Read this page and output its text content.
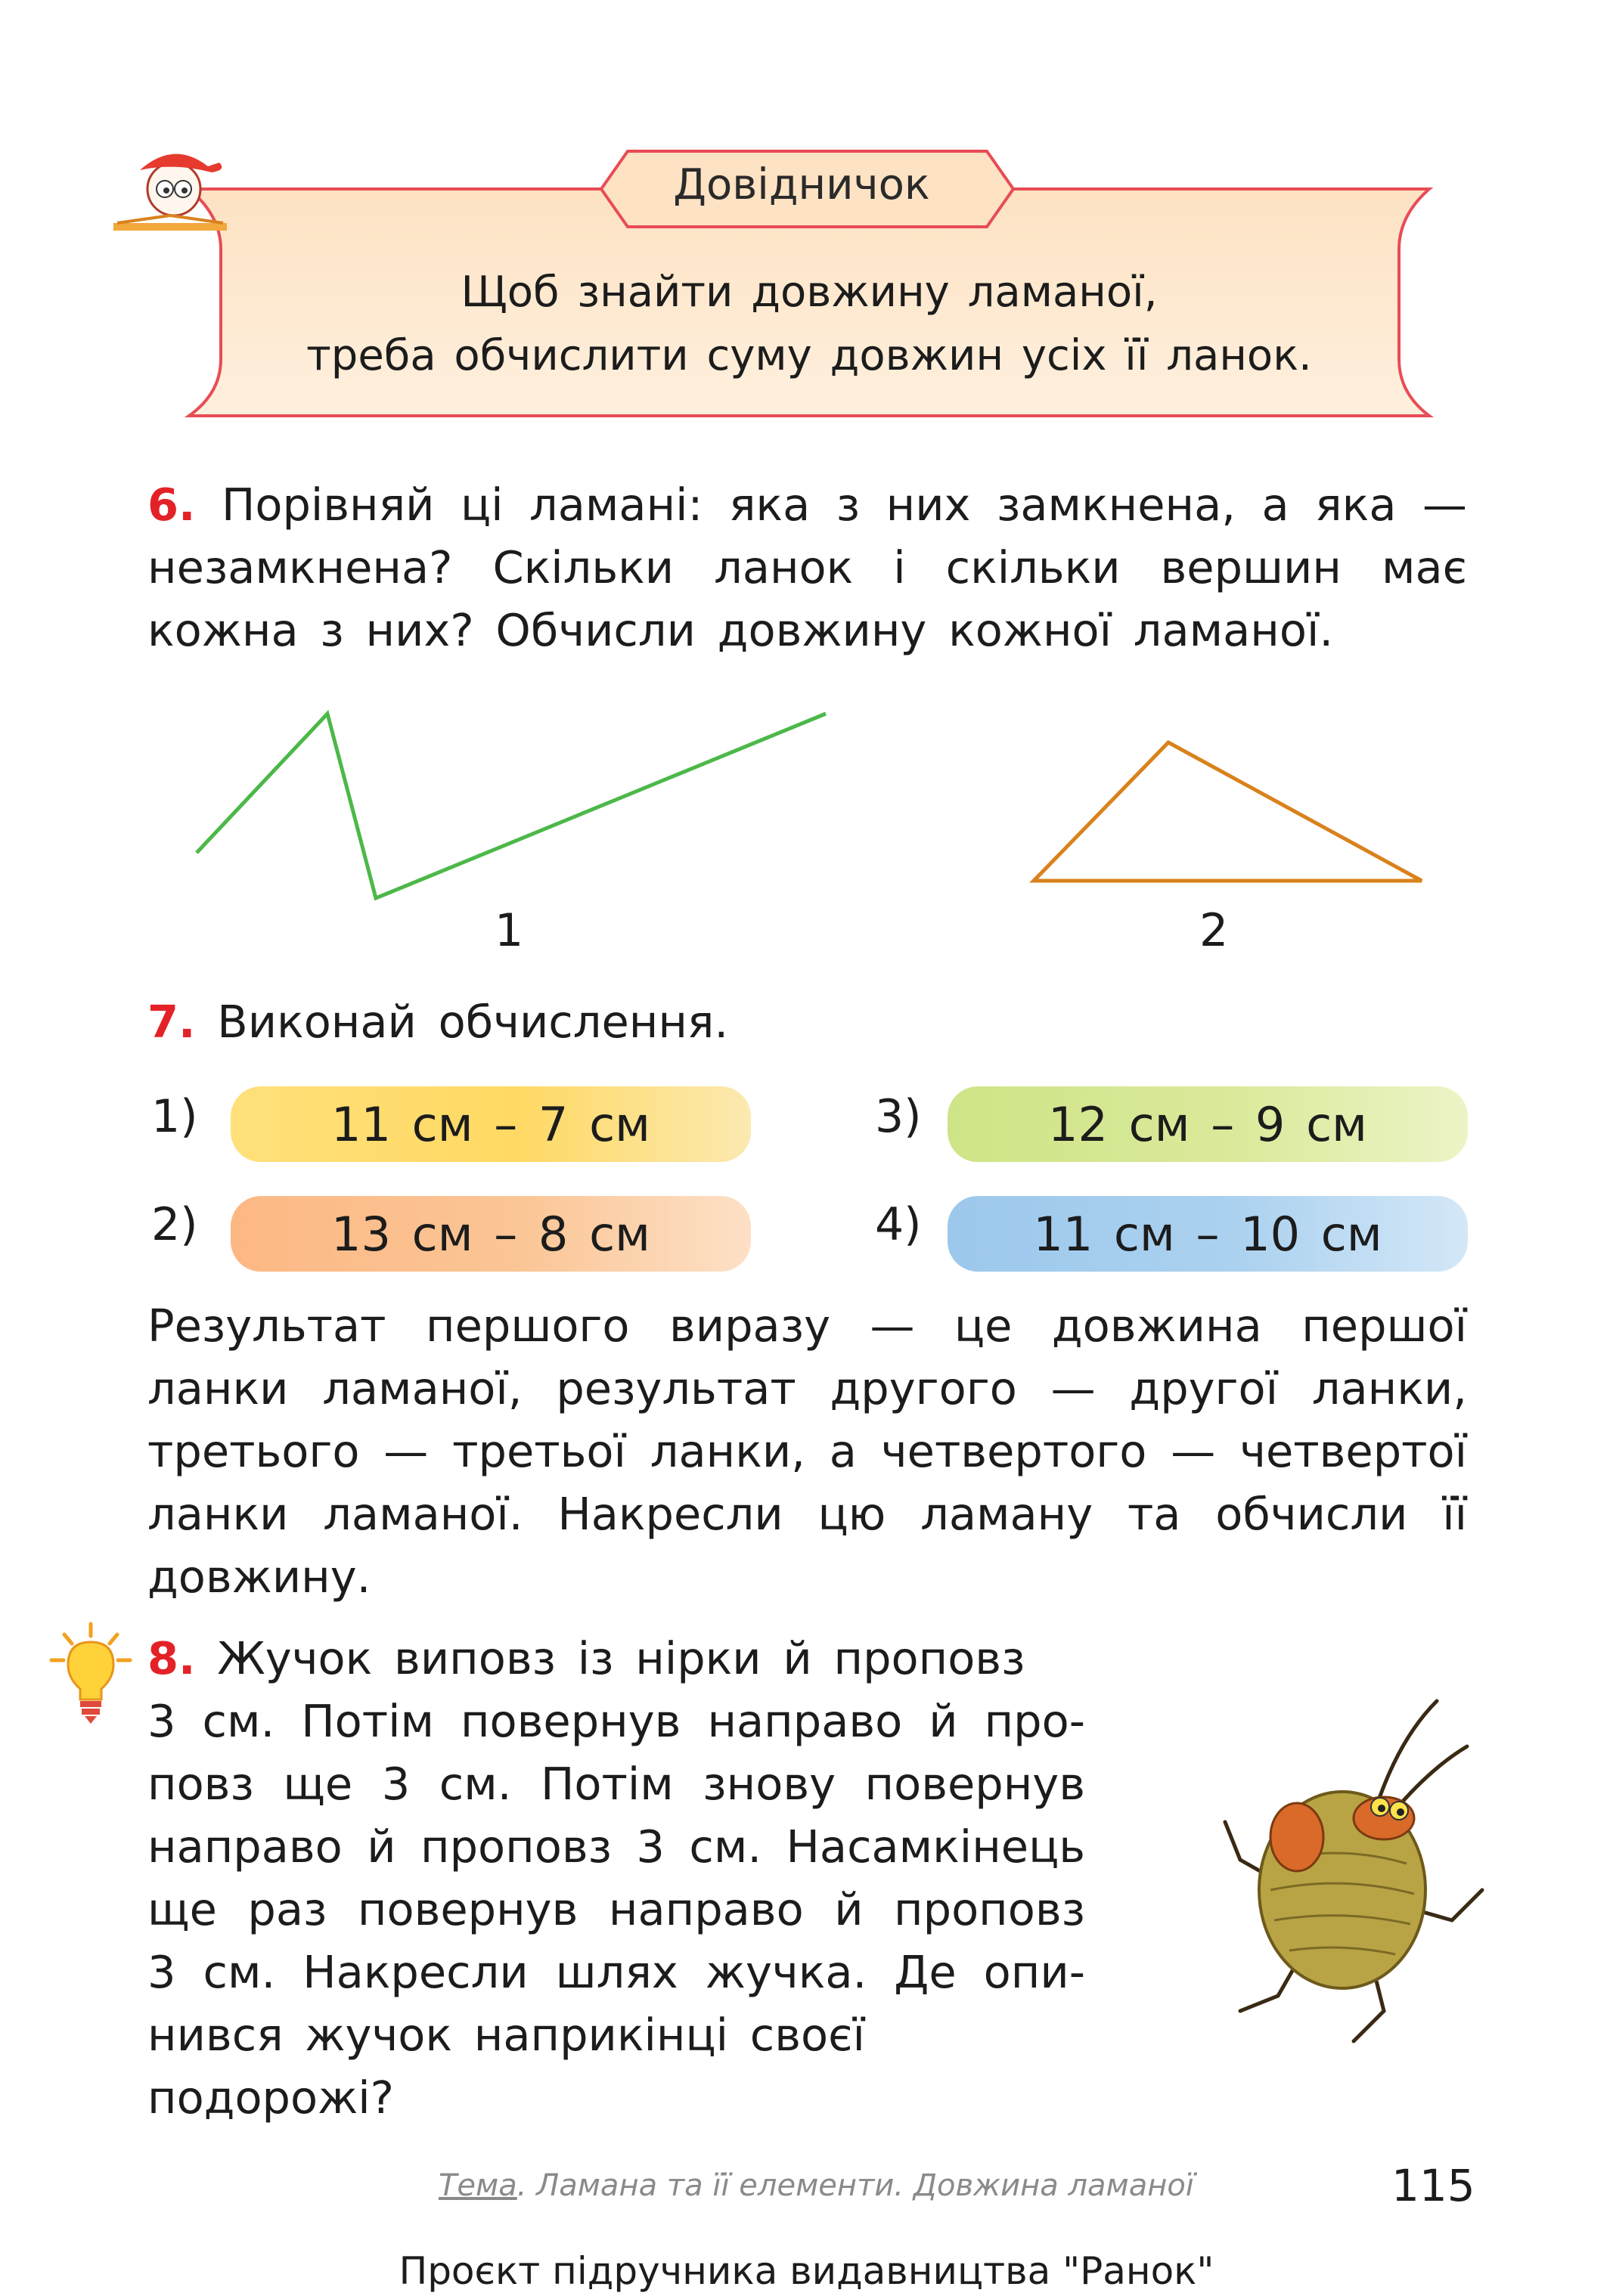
Довідничок
Щоб знайти довжину ламаної,
треба обчислити суму довжин усіх її ланок.
6. Порівняй ці ламані: яка з них замкнена, а яка —
незамкнена? Скільки ланок і скільки вершин має
кожна з них? Обчисли довжину кожної ламаної.
1	2
7. Виконай обчислення.
1)	11 см – 7 см
2)	13 см – 8 см
3)	12 см – 9 см
4) 11 см – 10 см
Результат першого виразу — це довжина першої
ланки ламаної, результат другого — другої ланки,
третього — третьої ланки, а четвертого — четвертої
ланки ламаної. Накресли цю ламану та обчисли її
довжину.
8. Жучок виповз із нірки й проповз
3 см. Потім повернув направо й про-
повз ще 3 см. Потім знову повернув
направо й проповз 3 см. Насамкінець
ще раз повернув направо й проповз
3 см. Накресли шлях жучка. Де опи-
нився жучок наприкінці своєї
подорожі?
Тема. Ламана та її елементи. Довжина ламаної	115
Проєкт підручника видавництва "Ранок"
